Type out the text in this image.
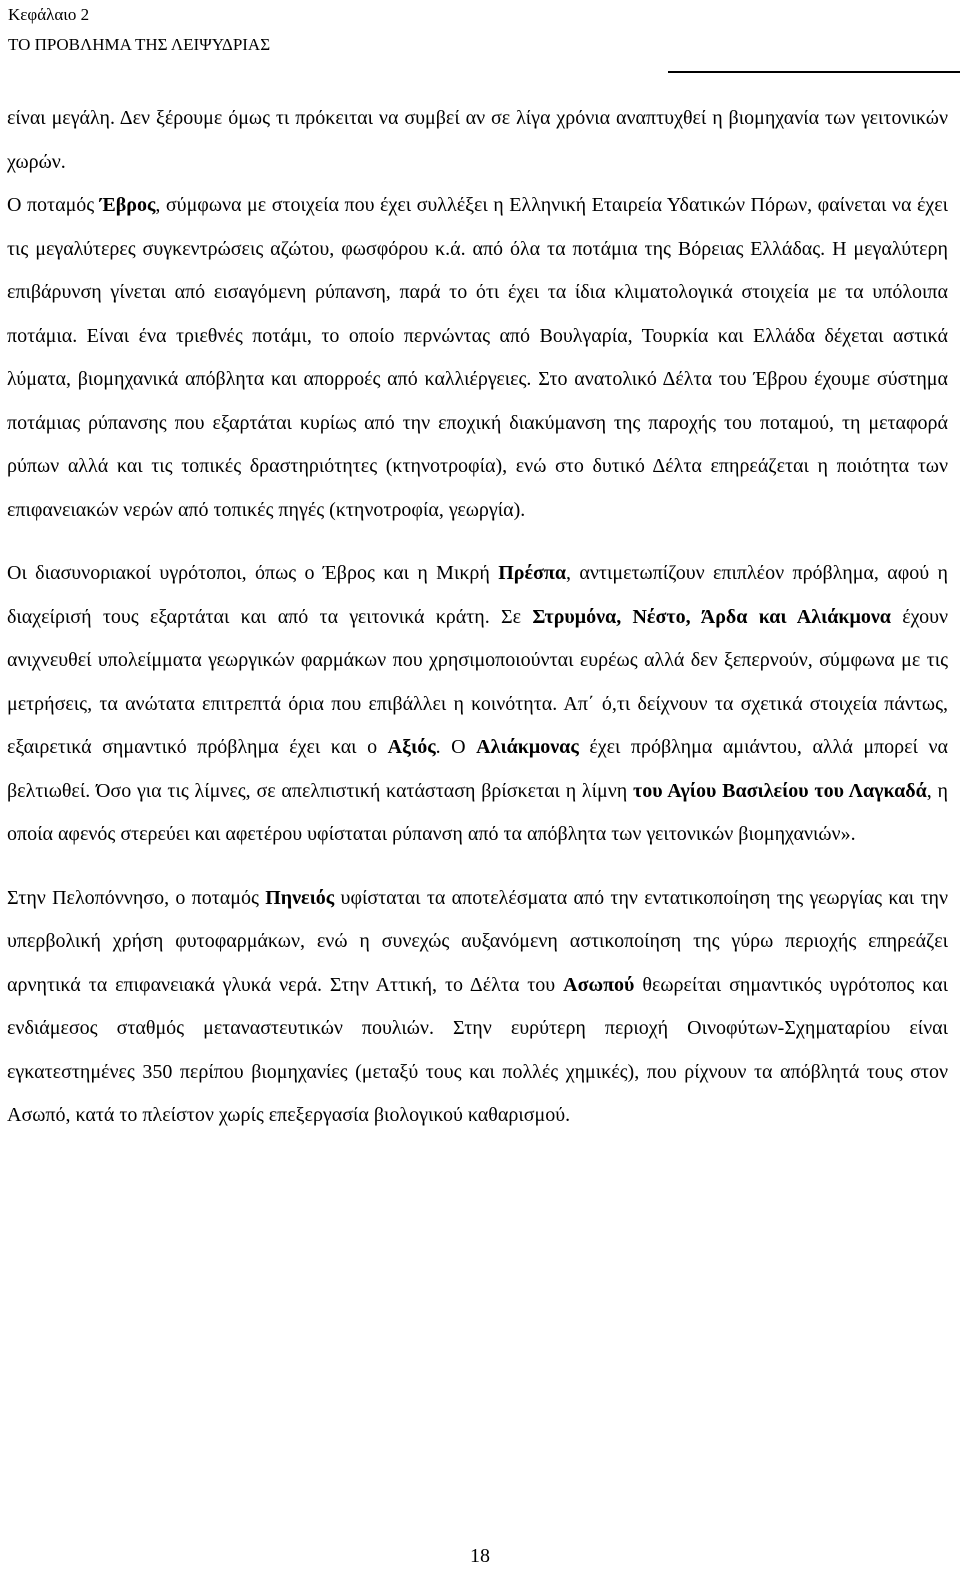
Κεφάλαιο 2
ΤΟ ΠΡΟΒΛΗΜΑ ΤΗΣ ΛΕΙΨΥΔΡΙΑΣ

είναι μεγάλη. Δεν ξέρουμε όμως τι πρόκειται να συμβεί αν σε λίγα χρόνια αναπτυχθεί η βιομηχανία των γειτονικών χωρών.

Ο ποταμός Έβρος, σύμφωνα με στοιχεία που έχει συλλέξει η Ελληνική Εταιρεία Υδατικών Πόρων, φαίνεται να έχει τις μεγαλύτερες συγκεντρώσεις αζώτου, φωσφόρου κ.ά. από όλα τα ποτάμια της Βόρειας Ελλάδας. Η μεγαλύτερη επιβάρυνση γίνεται από εισαγόμενη ρύπανση, παρά το ότι έχει τα ίδια κλιματολογικά στοιχεία με τα υπόλοιπα ποτάμια. Είναι ένα τριεθνές ποτάμι, το οποίο περνώντας από Βουλγαρία, Τουρκία και Ελλάδα δέχεται αστικά λύματα, βιομηχανικά απόβλητα και απορροές από καλλιέργειες. Στο ανατολικό Δέλτα του Έβρου έχουμε σύστημα ποτάμιας ρύπανσης που εξαρτάται κυρίως από την εποχική διακύμανση της παροχής του ποταμού, τη μεταφορά ρύπων αλλά και τις τοπικές δραστηριότητες (κτηνοτροφία), ενώ στο δυτικό Δέλτα επηρεάζεται η ποιότητα των επιφανειακών νερών από τοπικές πηγές (κτηνοτροφία, γεωργία).

Οι διασυνοριακοί υγρότοποι, όπως ο Έβρος και η Μικρή Πρέσπα, αντιμετωπίζουν επιπλέον πρόβλημα, αφού η διαχείρισή τους εξαρτάται και από τα γειτονικά κράτη. Σε Στρυμόνα, Νέστο, Άρδα και Αλιάκμονα έχουν ανιχνευθεί υπολείμματα γεωργικών φαρμάκων που χρησιμοποιούνται ευρέως αλλά δεν ξεπερνούν, σύμφωνα με τις μετρήσεις, τα ανώτατα επιτρεπτά όρια που επιβάλλει η κοινότητα. Απ΄ ό,τι δείχνουν τα σχετικά στοιχεία πάντως, εξαιρετικά σημαντικό πρόβλημα έχει και ο Αξιός. Ο Αλιάκμονας έχει πρόβλημα αμιάντου, αλλά μπορεί να βελτιωθεί. Όσο για τις λίμνες, σε απελπιστική κατάσταση βρίσκεται η λίμνη του Αγίου Βασιλείου του Λαγκαδά, η οποία αφενός στερεύει και αφετέρου υφίσταται ρύπανση από τα απόβλητα των γειτονικών βιομηχανιών».

Στην Πελοπόννησο, ο ποταμός Πηνειός υφίσταται τα αποτελέσματα από την εντατικοποίηση της γεωργίας και την υπερβολική χρήση φυτοφαρμάκων, ενώ η συνεχώς αυξανόμενη αστικοποίηση της γύρω περιοχής επηρεάζει αρνητικά τα επιφανειακά γλυκά νερά. Στην Αττική, το Δέλτα του Ασωπού θεωρείται σημαντικός υγρότοπος και ενδιάμεσος σταθμός μεταναστευτικών πουλιών. Στην ευρύτερη περιοχή Οινοφύτων-Σχηματαρίου είναι εγκατεστημένες 350 περίπου βιομηχανίες (μεταξύ τους και πολλές χημικές), που ρίχνουν τα απόβλητά τους στον Ασωπό, κατά το πλείστον χωρίς επεξεργασία βιολογικού καθαρισμού.

18
